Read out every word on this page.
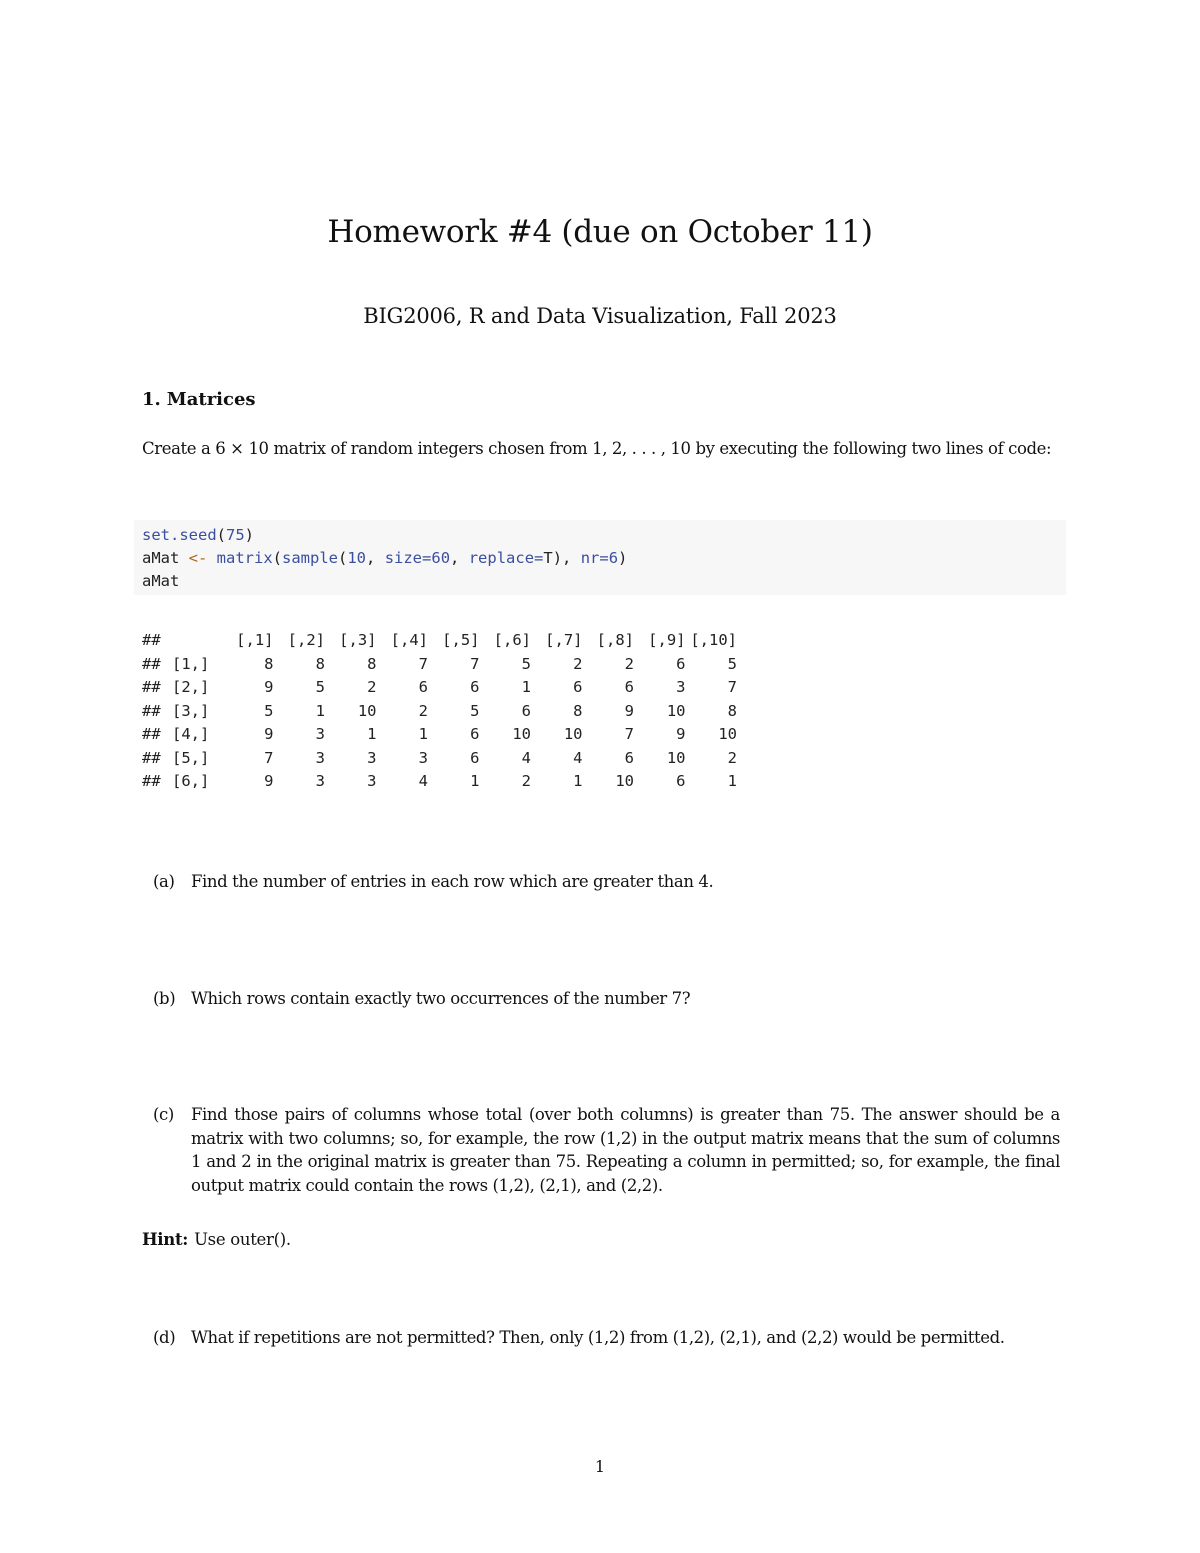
Homework #4 (due on October 11)
BIG2006, R and Data Visualization, Fall 2023
1. Matrices
Create a 6 × 10 matrix of random integers chosen from 1, 2, . . . , 10 by executing the following two lines of code:
set.seed(75)
aMat <- matrix(sample(10, size=60, replace=T), nr=6)
aMat
##	[,1] [,2] [,3] [,4] [,5] [,6] [,7] [,8] [,9] [,10]
## [1,]	8	8	8	7	7	5	2	2	6	5
## [2,]	9	5	2	6	6	1	6	6	3	7
## [3,]	5	1	10	2	5	6	8	9	10	8
## [4,]	9	3	1	1	6	10	10	7	9	10
## [5,]	7	3	3	3	6	4	4	6	10	2
## [6,]	9	3	3	4	1	2	1	10	6	1
(a) Find the number of entries in each row which are greater than 4.
(b) Which rows contain exactly two occurrences of the number 7?
(c)	Find those pairs of columns whose total (over both columns) is greater than 75. The answer should be a matrix with two columns; so, for example, the row (1,2) in the output matrix means that the sum of columns 1 and 2 in the original matrix is greater than 75. Repeating a column in permitted; so, for example, the final output matrix could contain the rows (1,2), (2,1), and (2,2).
Hint: Use outer().
(d) What if repetitions are not permitted? Then, only (1,2) from (1,2), (2,1), and (2,2) would be permitted.
1
